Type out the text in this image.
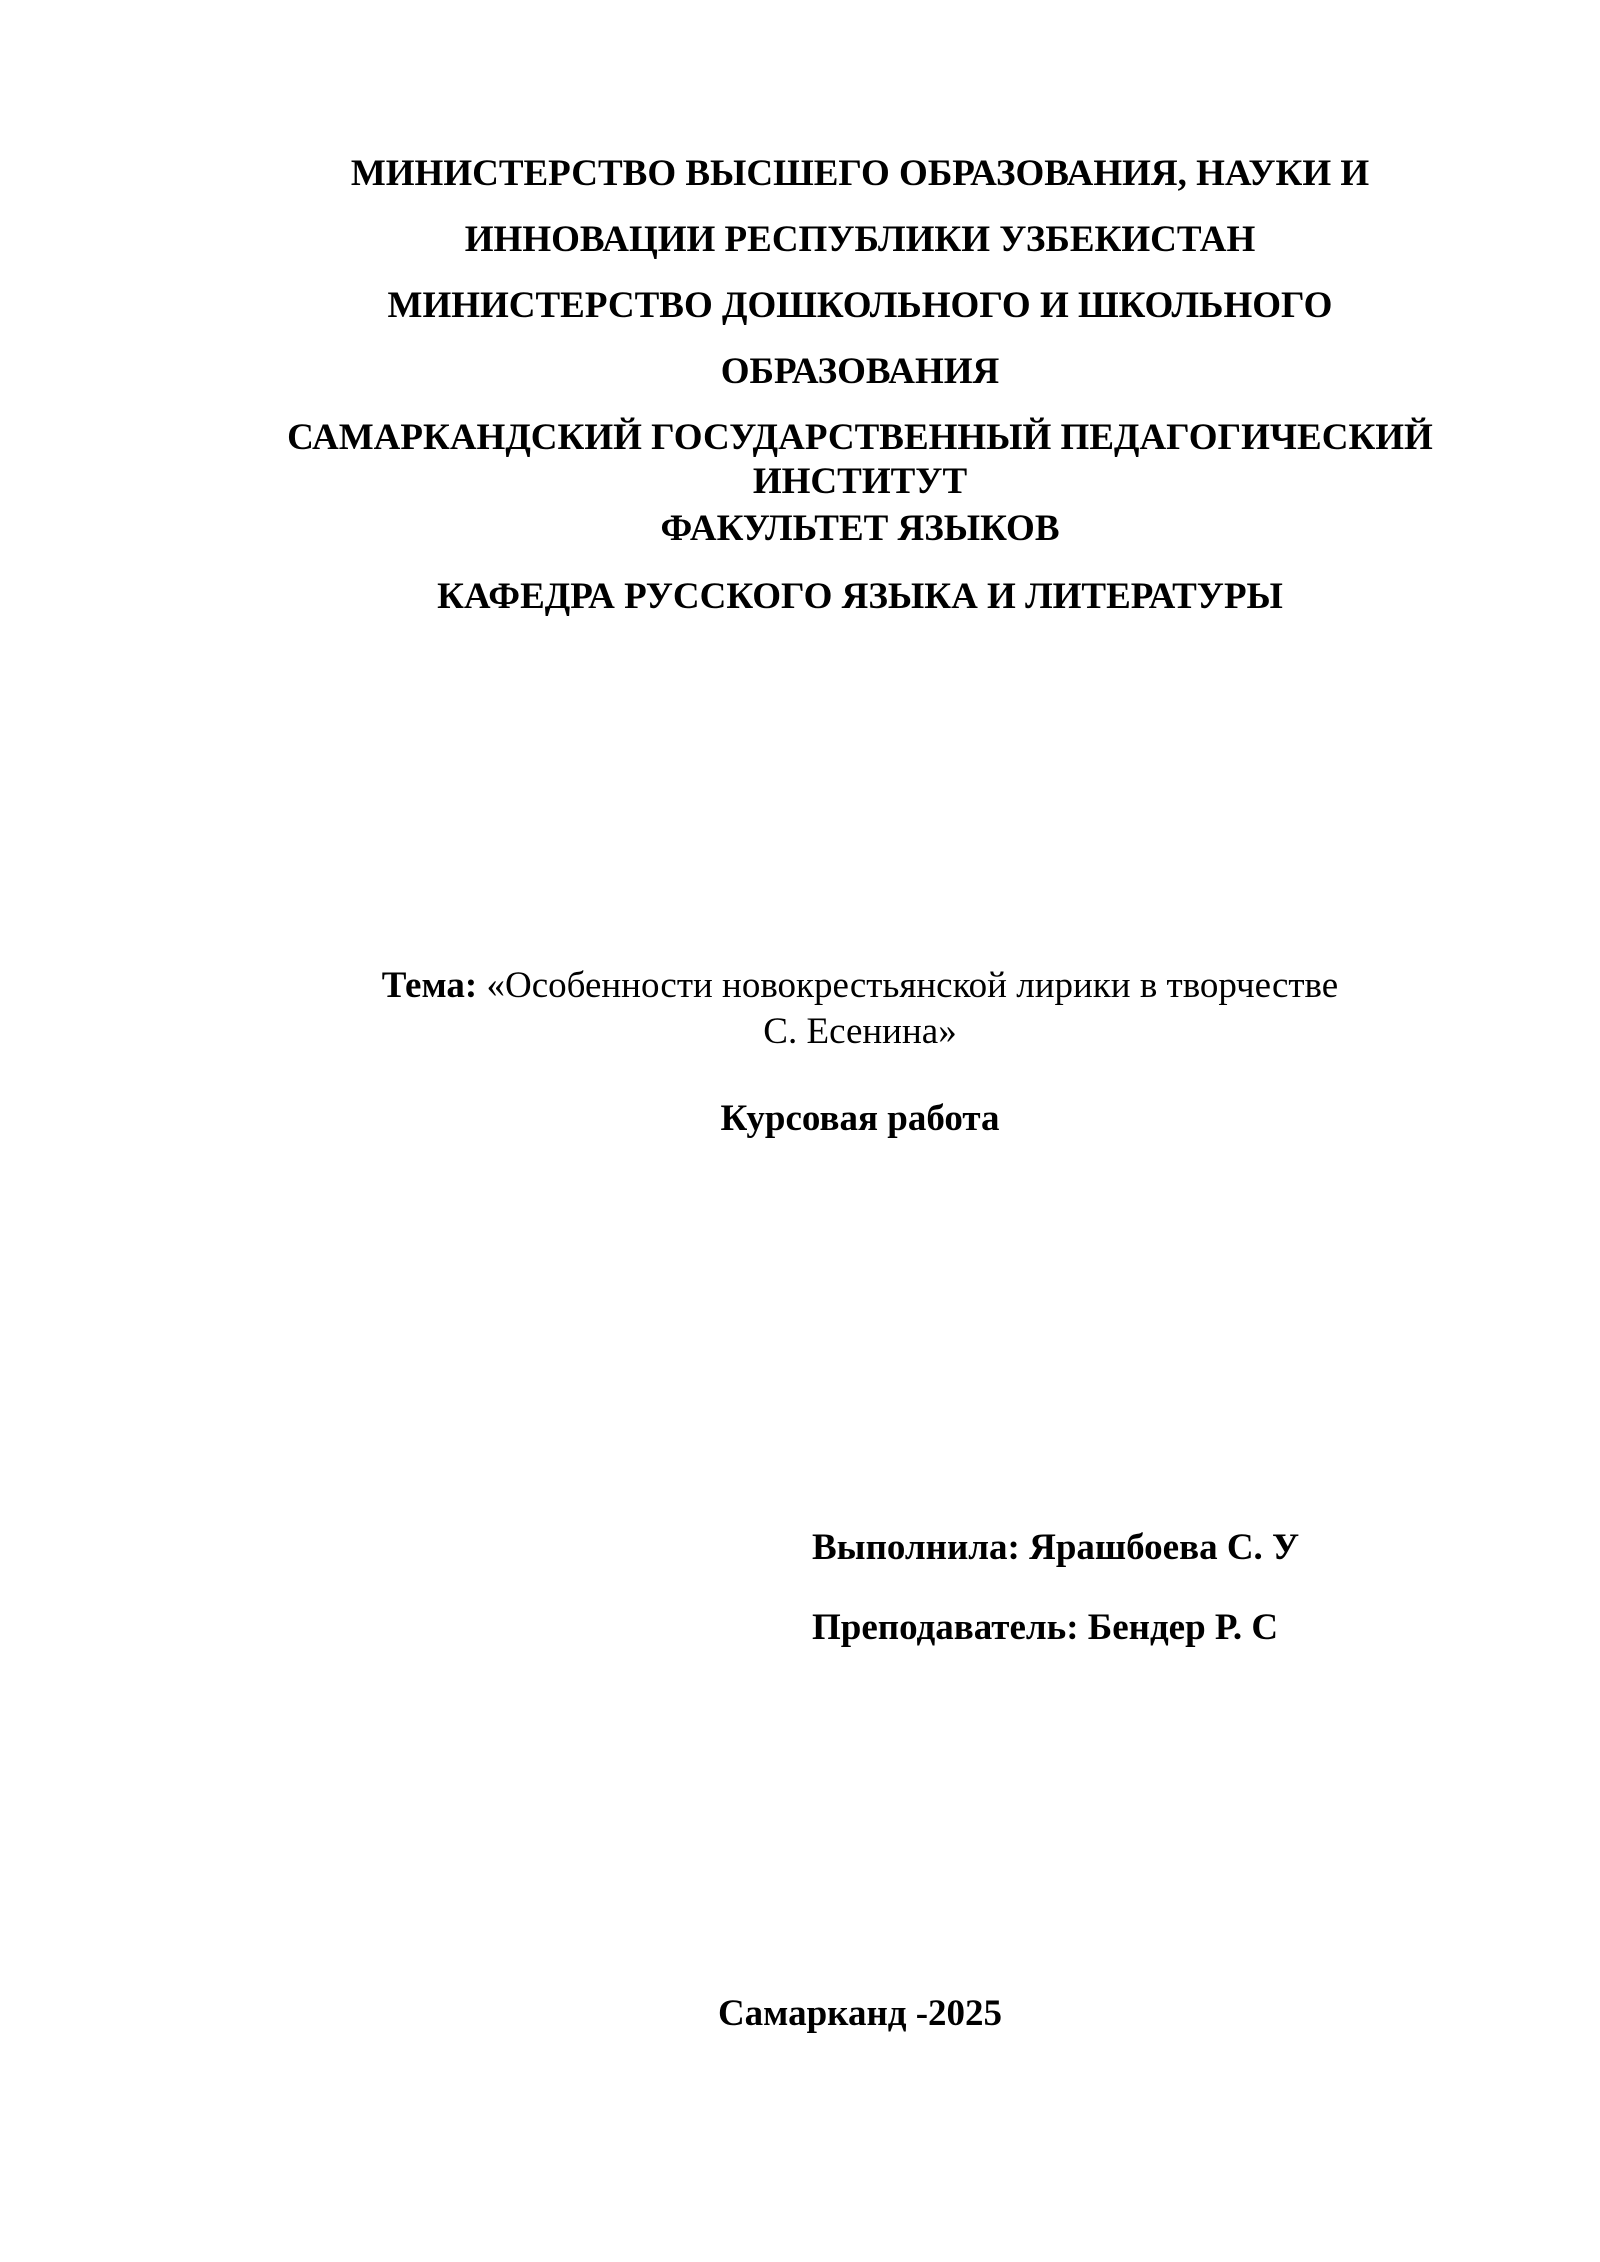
МИНИСТЕРСТВО ВЫСШЕГО ОБРАЗОВАНИЯ, НАУКИ И
ИННОВАЦИИ РЕСПУБЛИКИ УЗБЕКИСТАН
МИНИСТЕРСТВО ДОШКОЛЬНОГО И ШКОЛЬНОГО
ОБРАЗОВАНИЯ
САМАРКАНДСКИЙ ГОСУДАРСТВЕННЫЙ ПЕДАГОГИЧЕСКИЙ
ИНСТИТУТ
ФАКУЛЬТЕТ ЯЗЫКОВ
КАФЕДРА РУССКОГО ЯЗЫКА И ЛИТЕРАТУРЫ
Тема: «Особенности новокрестьянской лирики в творчестве
С. Есенина»
Курсовая работа
Выполнила: Ярашбоева С. У
Преподаватель: Бендер Р. С
Самарканд -2025
